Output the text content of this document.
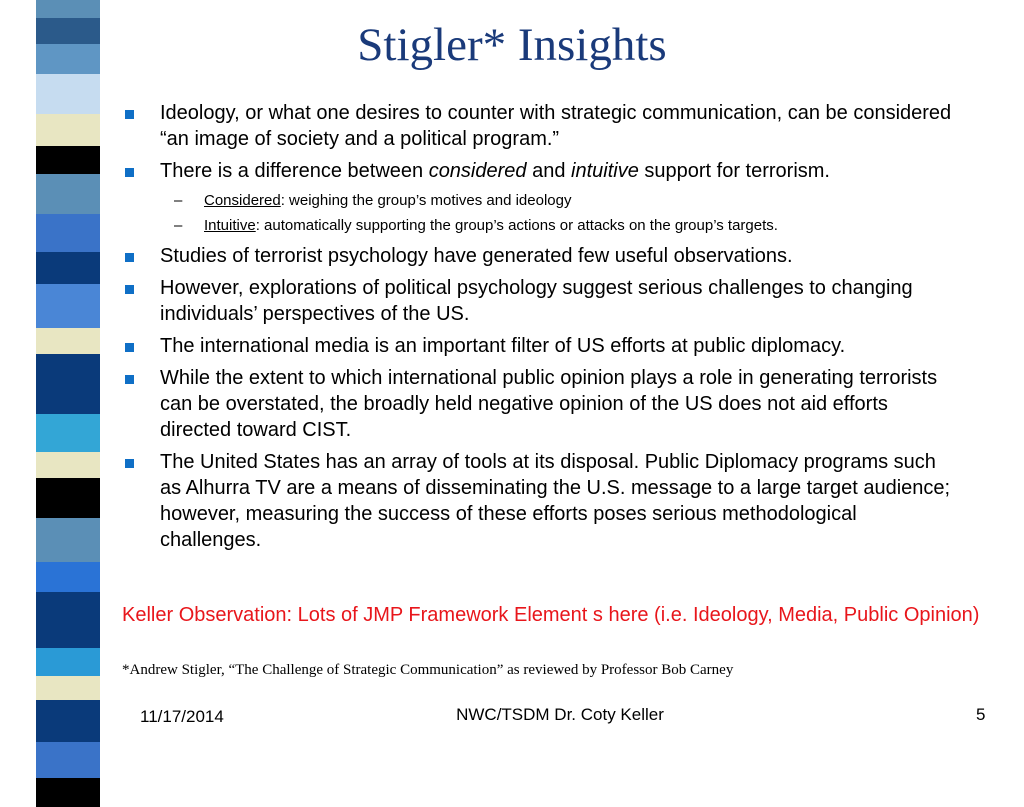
Stigler* Insights
Ideology, or what one desires to counter with strategic communication, can be considered “an image of society and a political program.”
There is a difference between considered and intuitive support for terrorism.
– Considered: weighing the group’s motives and ideology
– Intuitive: automatically supporting the group’s actions or attacks on the group’s targets.
Studies of terrorist psychology have generated few useful observations.
However, explorations of political psychology suggest serious challenges to changing individuals’ perspectives of the US.
The international media is an important filter of US efforts at public diplomacy.
While the extent to which international public opinion plays a role in generating terrorists can be overstated, the broadly held negative opinion of the US does not aid efforts directed toward CIST.
The United States has an array of tools at its disposal. Public Diplomacy programs such as Alhurra TV are a means of disseminating the U.S. message to a large target audience; however, measuring the success of these efforts poses serious methodological challenges.
Keller Observation: Lots of JMP Framework Element s here (i.e. Ideology, Media, Public Opinion)
*Andrew Stigler, “The Challenge of Strategic Communication” as reviewed by Professor Bob Carney
11/17/2014	NWC/TSDM Dr. Coty Keller	5
